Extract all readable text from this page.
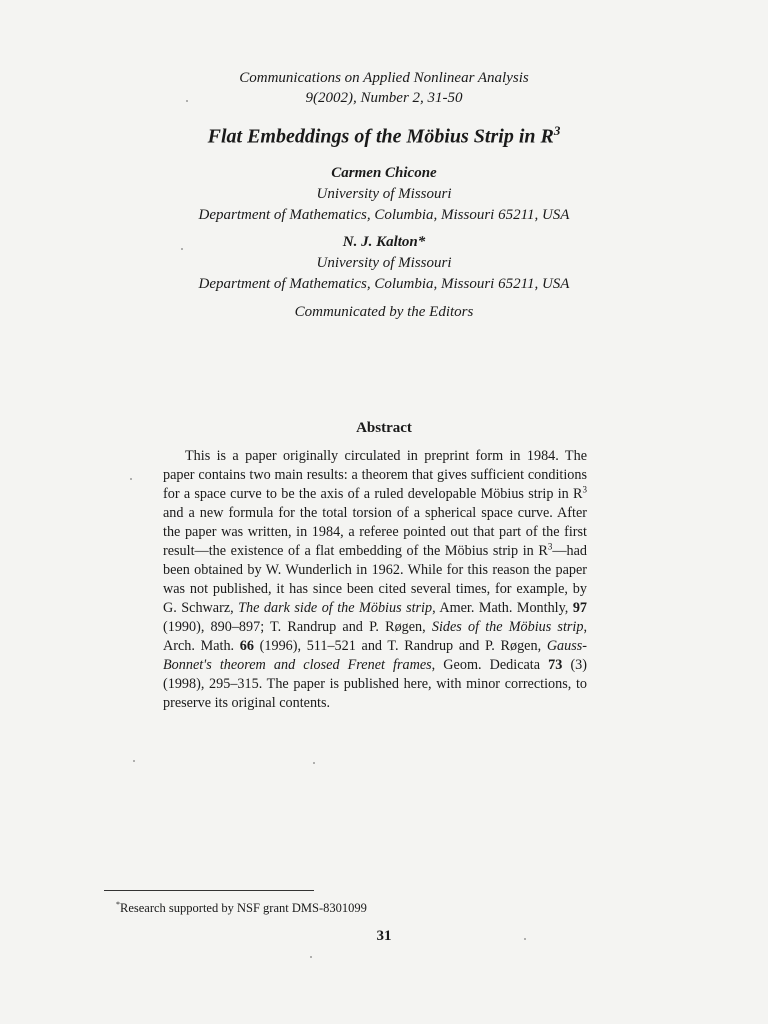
Communications on Applied Nonlinear Analysis
9(2002), Number 2, 31-50
Flat Embeddings of the Möbius Strip in $R^3$
Carmen Chicone
University of Missouri
Department of Mathematics, Columbia, Missouri 65211, USA
N. J. Kalton*
University of Missouri
Department of Mathematics, Columbia, Missouri 65211, USA
Communicated by the Editors
Abstract
This is a paper originally circulated in preprint form in 1984. The paper contains two main results: a theorem that gives sufficient conditions for a space curve to be the axis of a ruled developable Möbius strip in $R^3$ and a new formula for the total torsion of a spherical space curve. After the paper was written, in 1984, a referee pointed out that part of the first result—the existence of a flat embedding of the Möbius strip in $R^3—had$ been obtained by W. Wunderlich in 1962. While for this reason the paper was not published, it has since been cited several times, for example, by G. Schwarz, The dark side of the Möbius strip, Amer. Math. Monthly, 97 (1990), 890–897; T. Randrup and P. Røgen, Sides of the Möbius strip, Arch. Math. 66 (1996), 511–521 and T. Randrup and P. Røgen, Gauss-Bonnet's theorem and closed Frenet frames, Geom. Dedicata 73 (3)(1998), 295–315. The paper is published here, with minor corrections, to preserve its original contents.
*Research supported by NSF grant DMS-8301099
31
